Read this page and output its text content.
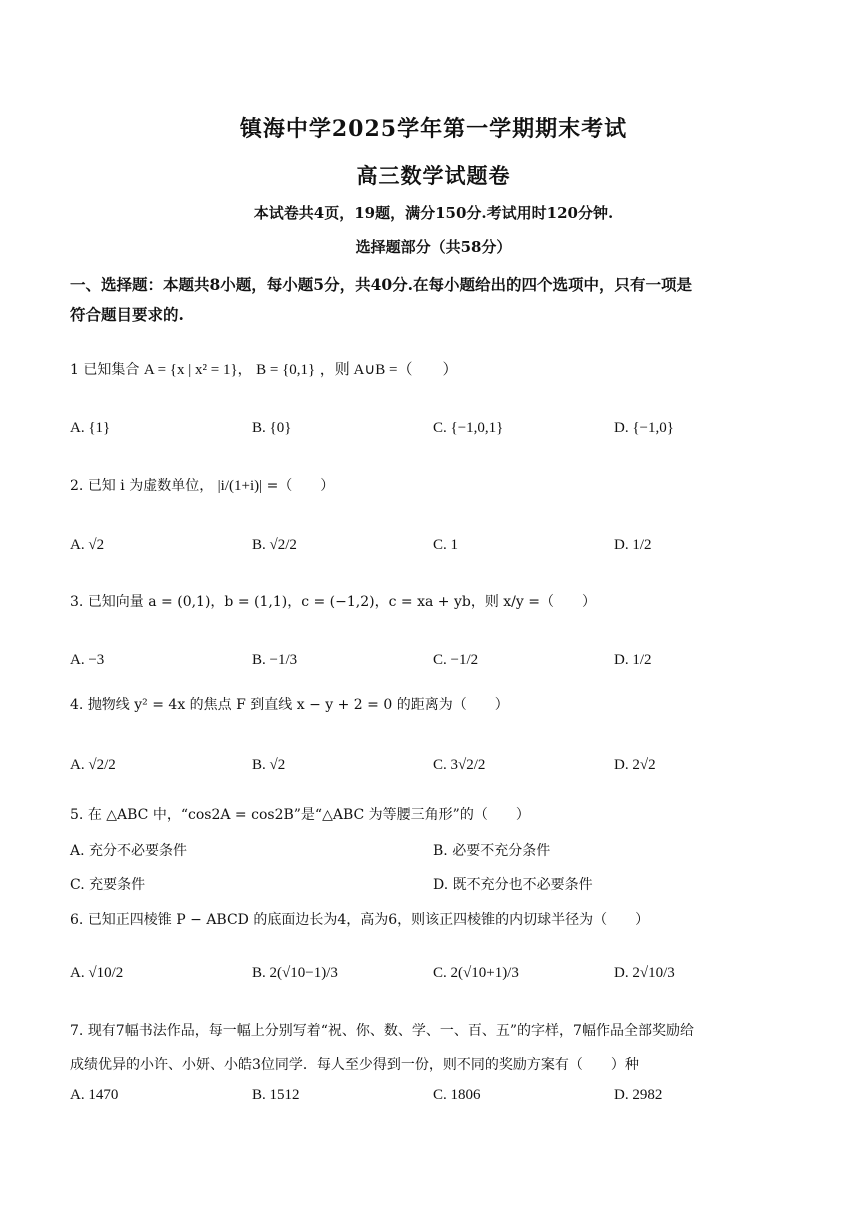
镇海中学2025学年第一学期期末考试
高三数学试题卷
本试卷共4页，19题，满分150分.考试用时120分钟.
选择题部分（共58分）
一、选择题：本题共8小题，每小题5分，共40分.在每小题给出的四个选项中，只有一项是
符合题目要求的.
1 已知集合 A = {x | x² = 1}， B = {0,1} ，则 A∪B =（　　）
A. {1}	B. {0}	C. {−1,0,1}	D. {−1,0}
2. 已知 i 为虚数单位， |i/(1+i)| =（　　）
A. √2	B. √2/2	C. 1	D. 1/2
3. 已知向量 a = (0,1)，b = (1,1)，c = (−1,2)，c = xa + yb，则 x/y =（　　）
A. −3	B. −1/3	C. −1/2	D. 1/2
4. 抛物线 y² = 4x 的焦点 F 到直线 x − y + 2 = 0 的距离为（　　）
A. √2/2	B. √2	C. 3√2/2	D. 2√2
5. 在 △ABC 中，“cos2A = cos2B”是“△ABC 为等腰三角形”的（　　）
A. 充分不必要条件	B. 必要不充分条件
C. 充要条件	D. 既不充分也不必要条件
6. 已知正四棱锥 P − ABCD 的底面边长为4，高为6，则该正四棱锥的内切球半径为（　　）
A. √10/2	B. 2(√10−1)/3	C. 2(√10+1)/3	D. 2√10/3
7. 现有7幅书法作品，每一幅上分别写着“祝、你、数、学、一、百、五”的字样，7幅作品全部奖励给
成绩优异的小许、小妍、小皓3位同学．每人至少得到一份，则不同的奖励方案有（　　）种
A. 1470	B. 1512	C. 1806	D. 2982
